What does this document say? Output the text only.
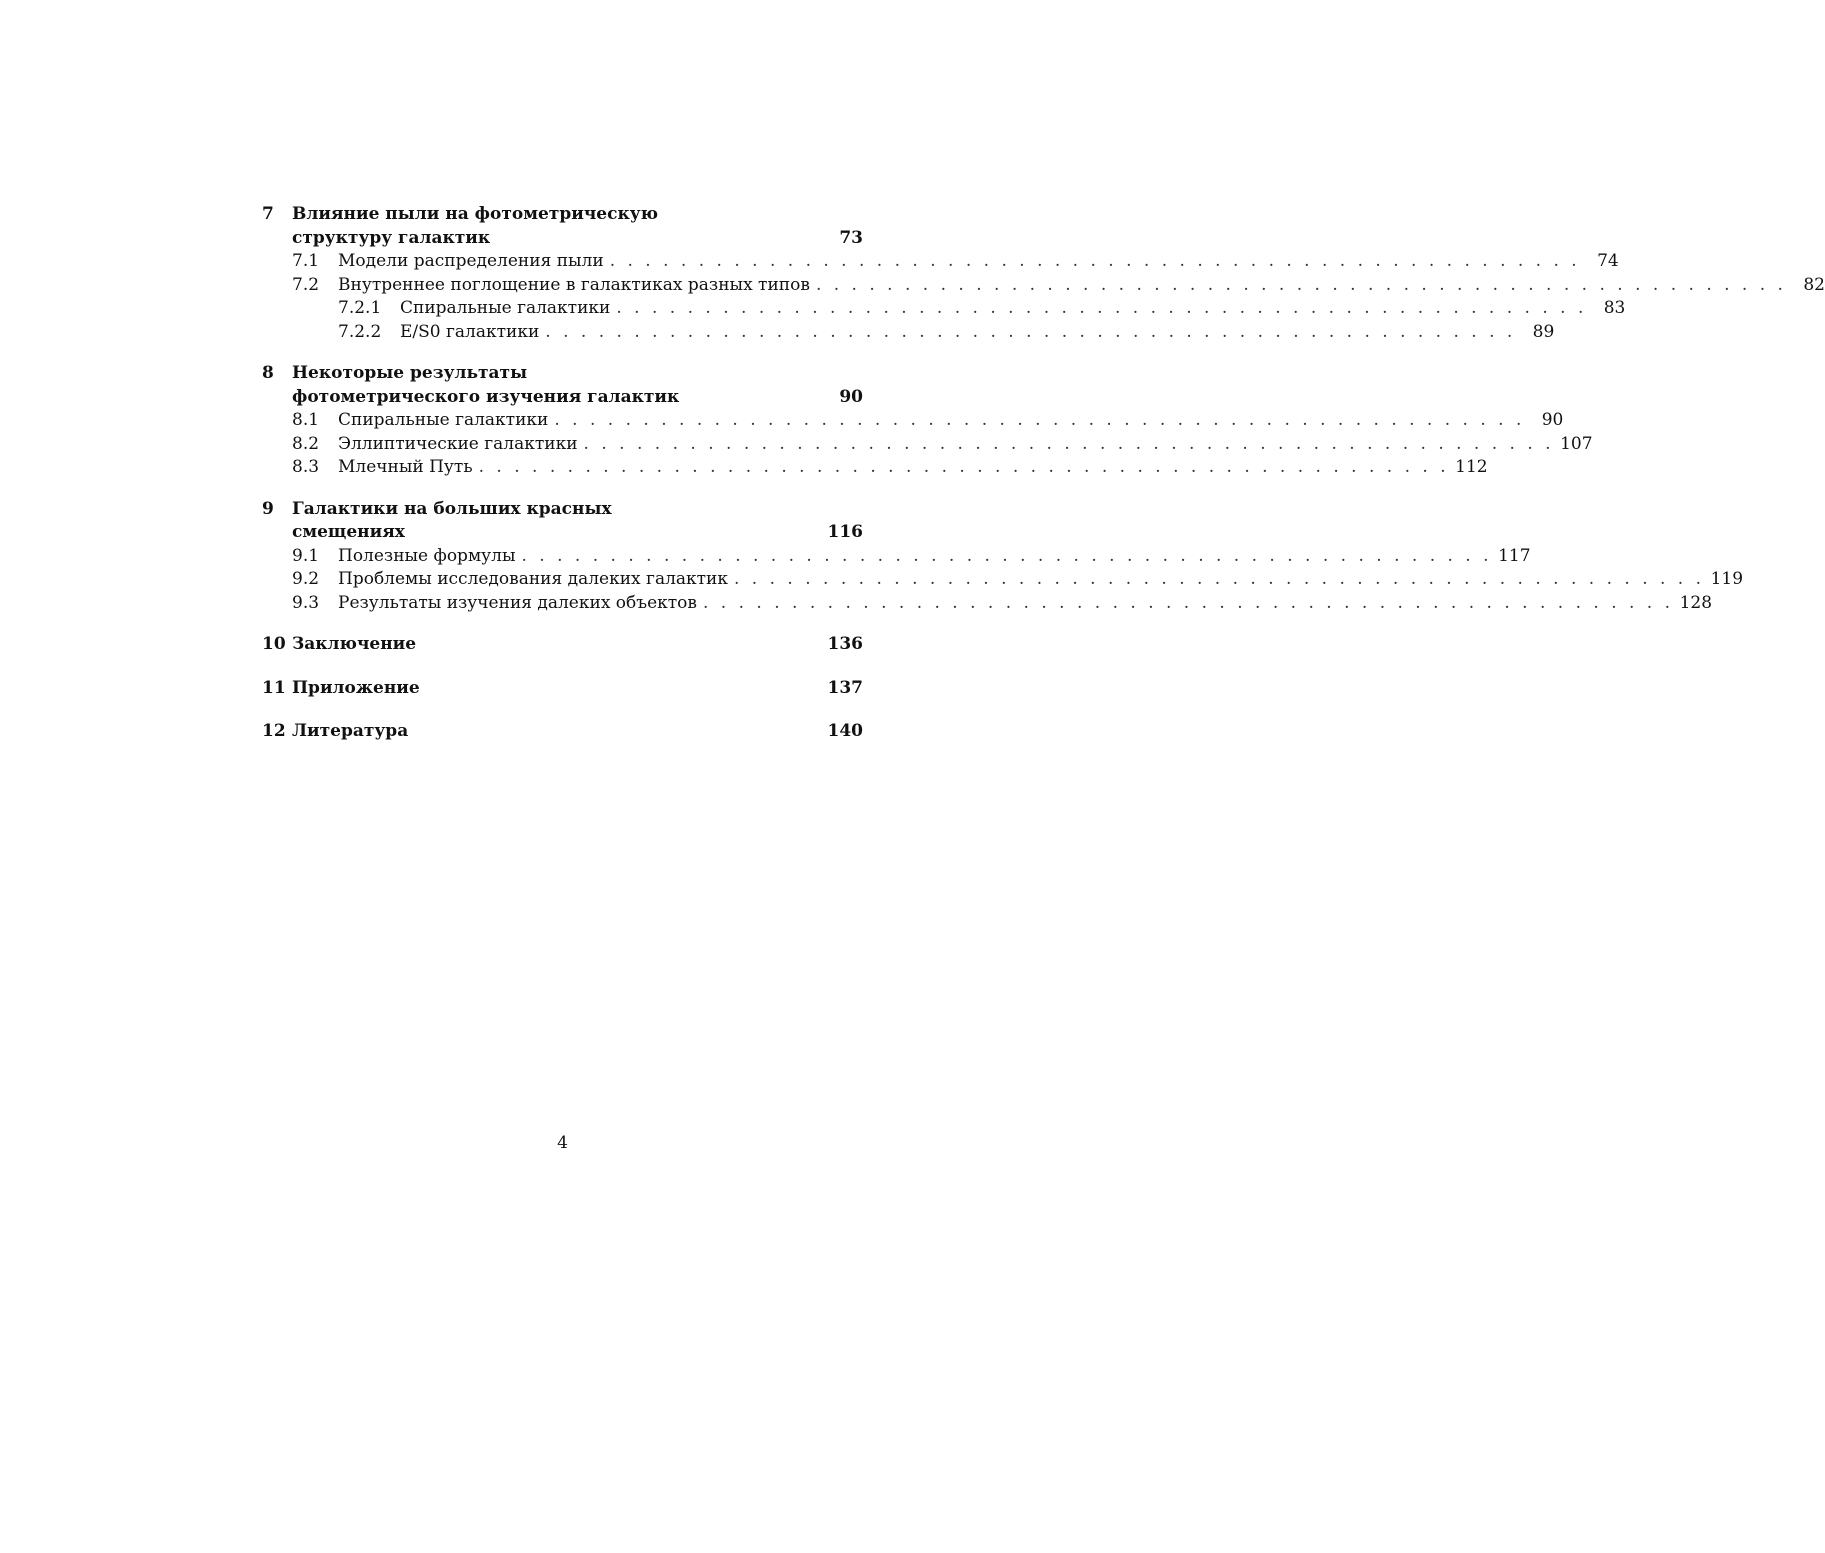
7	Влияние пыли на фотометрическую
структуру галактик	73
7.1	Модели распределения пыли . . .	74
7.2	Внутреннее поглощение в галактиках разных типов . . .	82
7.2.1	Спиральные галактики . . .	83
7.2.2	E/S0 галактики . . .	89
8	Некоторые результаты
фотометрического изучения галактик	90
8.1	Спиральные галактики . . .	90
8.2	Эллиптические галактики . . .	107
8.3	Млечный Путь . . .	112
9	Галактики на больших красных
смещениях	116
9.1	Полезные формулы . . .	117
9.2	Проблемы исследования далеких галактик . . .	119
9.3	Результаты изучения далеких объектов . . .	128
10 Заключение	136
11 Приложение	137
12 Литература	140
4
